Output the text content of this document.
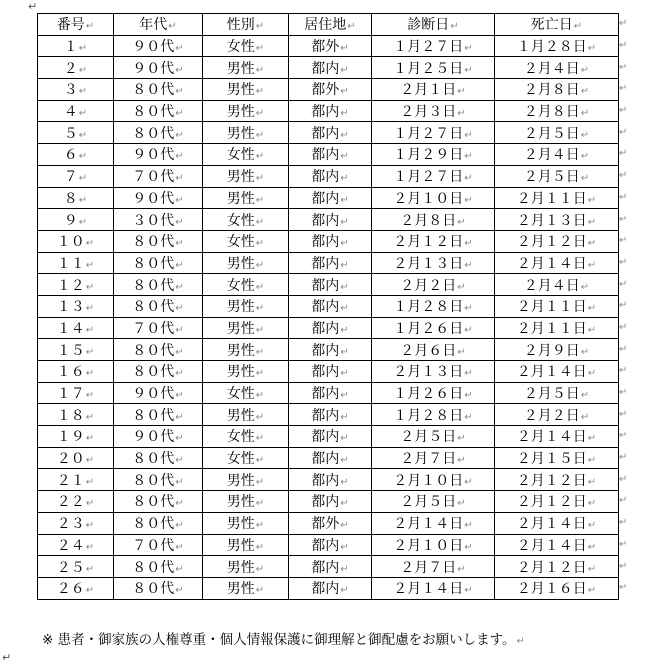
↵
番号↵	年代↵	性別↵	居住地↵	診断日↵	死亡日↵
１↵	９０代↵	女性↵	都外↵	１月２７日↵	１月２８日↵
２↵	９０代↵	男性↵	都内↵	１月２５日↵	２月４日↵
３↵	８０代↵	男性↵	都外↵	２月１日↵	２月８日↵
４↵	８０代↵	男性↵	都内↵	２月３日↵	２月８日↵
５↵	８０代↵	男性↵	都内↵	１月２７日↵	２月５日↵
６↵	９０代↵	女性↵	都内↵	１月２９日↵	２月４日↵
７↵	７０代↵	男性↵	都内↵	１月２７日↵	２月５日↵
８↵	９０代↵	男性↵	都内↵	２月１０日↵	２月１１日↵
９↵	３０代↵	女性↵	都内↵	２月８日↵	２月１３日↵
１０↵	８０代↵	女性↵	都内↵	２月１２日↵	２月１２日↵
１１↵	８０代↵	男性↵	都内↵	２月１３日↵	２月１４日↵
１２↵	８０代↵	女性↵	都内↵	２月２日↵	２月４日↵
１３↵	８０代↵	男性↵	都内↵	１月２８日↵	２月１１日↵
１４↵	７０代↵	男性↵	都内↵	１月２６日↵	２月１１日↵
１５↵	８０代↵	男性↵	都内↵	２月６日↵	２月９日↵
１６↵	８０代↵	男性↵	都内↵	２月１３日↵	２月１４日↵
１７↵	９０代↵	女性↵	都内↵	１月２６日↵	２月５日↵
１８↵	８０代↵	男性↵	都内↵	１月２８日↵	２月２日↵
１９↵	９０代↵	女性↵	都内↵	２月５日↵	２月１４日↵
２０↵	８０代↵	女性↵	都内↵	２月７日↵	２月１５日↵
２１↵	８０代↵	男性↵	都内↵	２月１０日↵	２月１２日↵
２２↵	８０代↵	男性↵	都内↵	２月５日↵	２月１２日↵
２３↵	８０代↵	男性↵	都外↵	２月１４日↵	２月１４日↵
２４↵	７０代↵	男性↵	都内↵	２月１０日↵	２月１４日↵
２５↵	８０代↵	男性↵	都内↵	２月７日↵	２月１２日↵
２６↵	８０代↵	男性↵	都内↵	２月１４日↵	２月１６日↵
※ 患者・御家族の人権尊重・個人情報保護に御理解と御配慮をお願いします。↵
↵
↵
↵
↵
↵
↵
↵
↵
↵
↵
↵
↵
↵
↵
↵
↵
↵
↵
↵
↵
↵
↵
↵
↵
↵
↵
↵
↵
